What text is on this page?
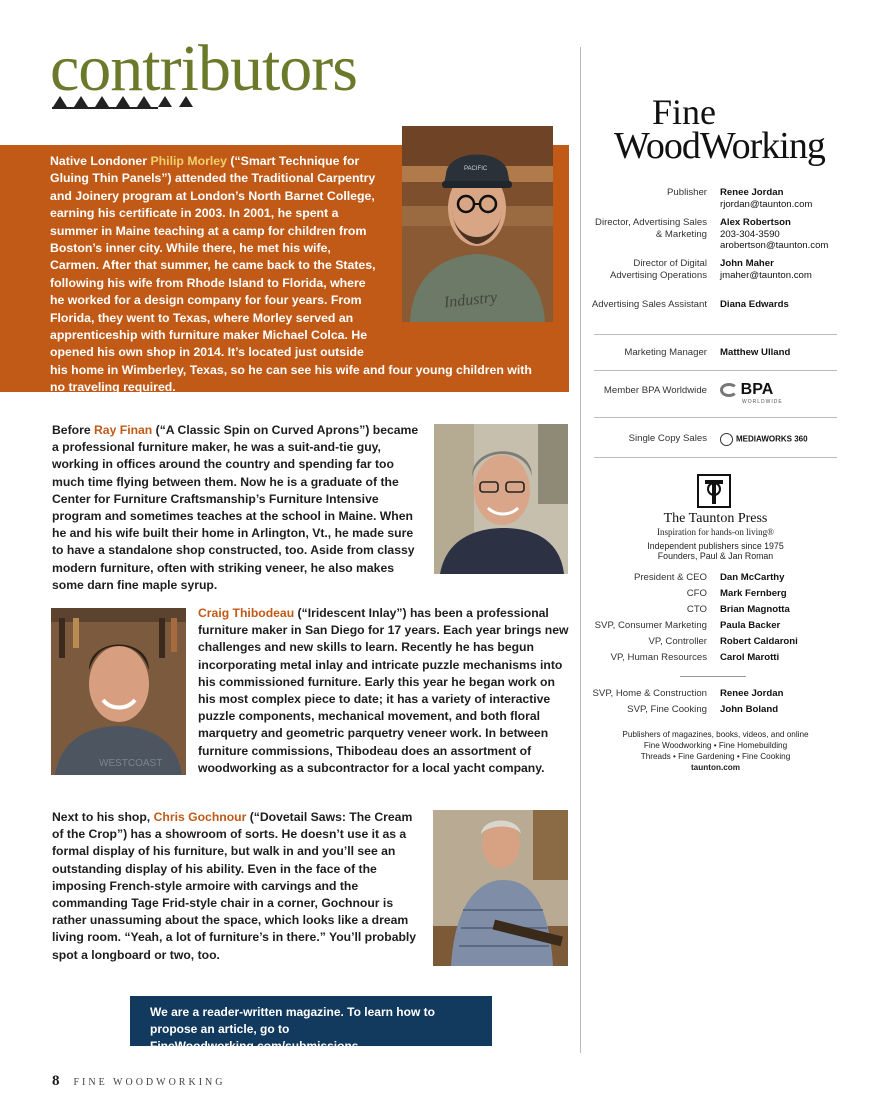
contributors
PACIFIC
Industry
Native Londoner Philip Morley (“Smart Technique for Gluing Thin Panels”) attended the Traditional Carpentry and Joinery program at London’s North Barnet College, earning his certificate in 2003. In 2001, he spent a summer in Maine teaching at a camp for children from Boston’s inner city. While there, he met his wife, Carmen. After that summer, he came back to the States, following his wife from Rhode Island to Florida, where he worked for a design company for four years. From Florida, they went to Texas, where Morley served an apprenticeship with furniture maker Michael Colca. He opened his own shop in 2014. It’s located just outside his home in Wimberley, Texas, so he can see his wife and four young children with no traveling required.
Before Ray Finan (“A Classic Spin on Curved Aprons”) became a professional furniture maker, he was a suit-and-tie guy, working in offices around the country and spending far too much time flying between them. Now he is a graduate of the Center for Furniture Craftsmanship’s Furniture Intensive program and sometimes teaches at the school in Maine. When he and his wife built their home in Arlington, Vt., he made sure to have a standalone shop constructed, too. Aside from classy modern furniture, often with striking veneer, he also makes some darn fine maple syrup.
WESTCOAST
Craig Thibodeau (“Iridescent Inlay”) has been a professional furniture maker in San Diego for 17 years. Each year brings new challenges and new skills to learn. Recently he has begun incorporating metal inlay and intricate puzzle mechanisms into his commissioned furniture. Early this year he began work on his most complex piece to date; it has a variety of interactive puzzle components, mechanical movement, and both floral marquetry and geometric parquetry veneer work. In between furniture commissions, Thibodeau does an assortment of woodworking as a subcontractor for a local yacht company.
Next to his shop, Chris Gochnour (“Dovetail Saws: The Cream of the Crop”) has a showroom of sorts. He doesn’t use it as a formal display of his furniture, but walk in and you’ll see an outstanding display of his ability. Even in the face of the imposing French-style armoire with carvings and the commanding Tage Frid-style chair in a corner, Gochnour is rather unassuming about the space, which looks like a dream living room. “Yeah, a lot of furniture’s in there.” You’ll probably spot a longboard or two, too.
We are a reader-written magazine. To learn how to propose an article, go to FineWoodworking.com/submissions.
8 FINE WOODWORKING
Fine
WoodWorking
Publisher Renee Jordan
rjordan@taunton.com
Director, Advertising Sales & Marketing
Alex Robertson
203-304-3590
arobertson@taunton.com
Director of Digital Advertising Operations
John Maher
jmaher@taunton.com
Advertising Sales Assistant Diana Edwards
Marketing Manager Matthew Ulland
Member BPA Worldwide	BPA
WORLDWIDE
Single Copy Sales	MEDIAWORKS 360
The Taunton Press
Inspiration for hands-on living®
Independent publishers since 1975
Founders, Paul & Jan Roman
President & CEO Dan McCarthy
CFO Mark Fernberg
CTO Brian Magnotta
SVP, Consumer Marketing Paula Backer
VP, Controller Robert Caldaroni
VP, Human Resources Carol Marotti
SVP, Home & Construction Renee Jordan
SVP, Fine Cooking John Boland
Publishers of magazines, books, videos, and online
Fine Woodworking • Fine Homebuilding
Threads • Fine Gardening • Fine Cooking
taunton.com
